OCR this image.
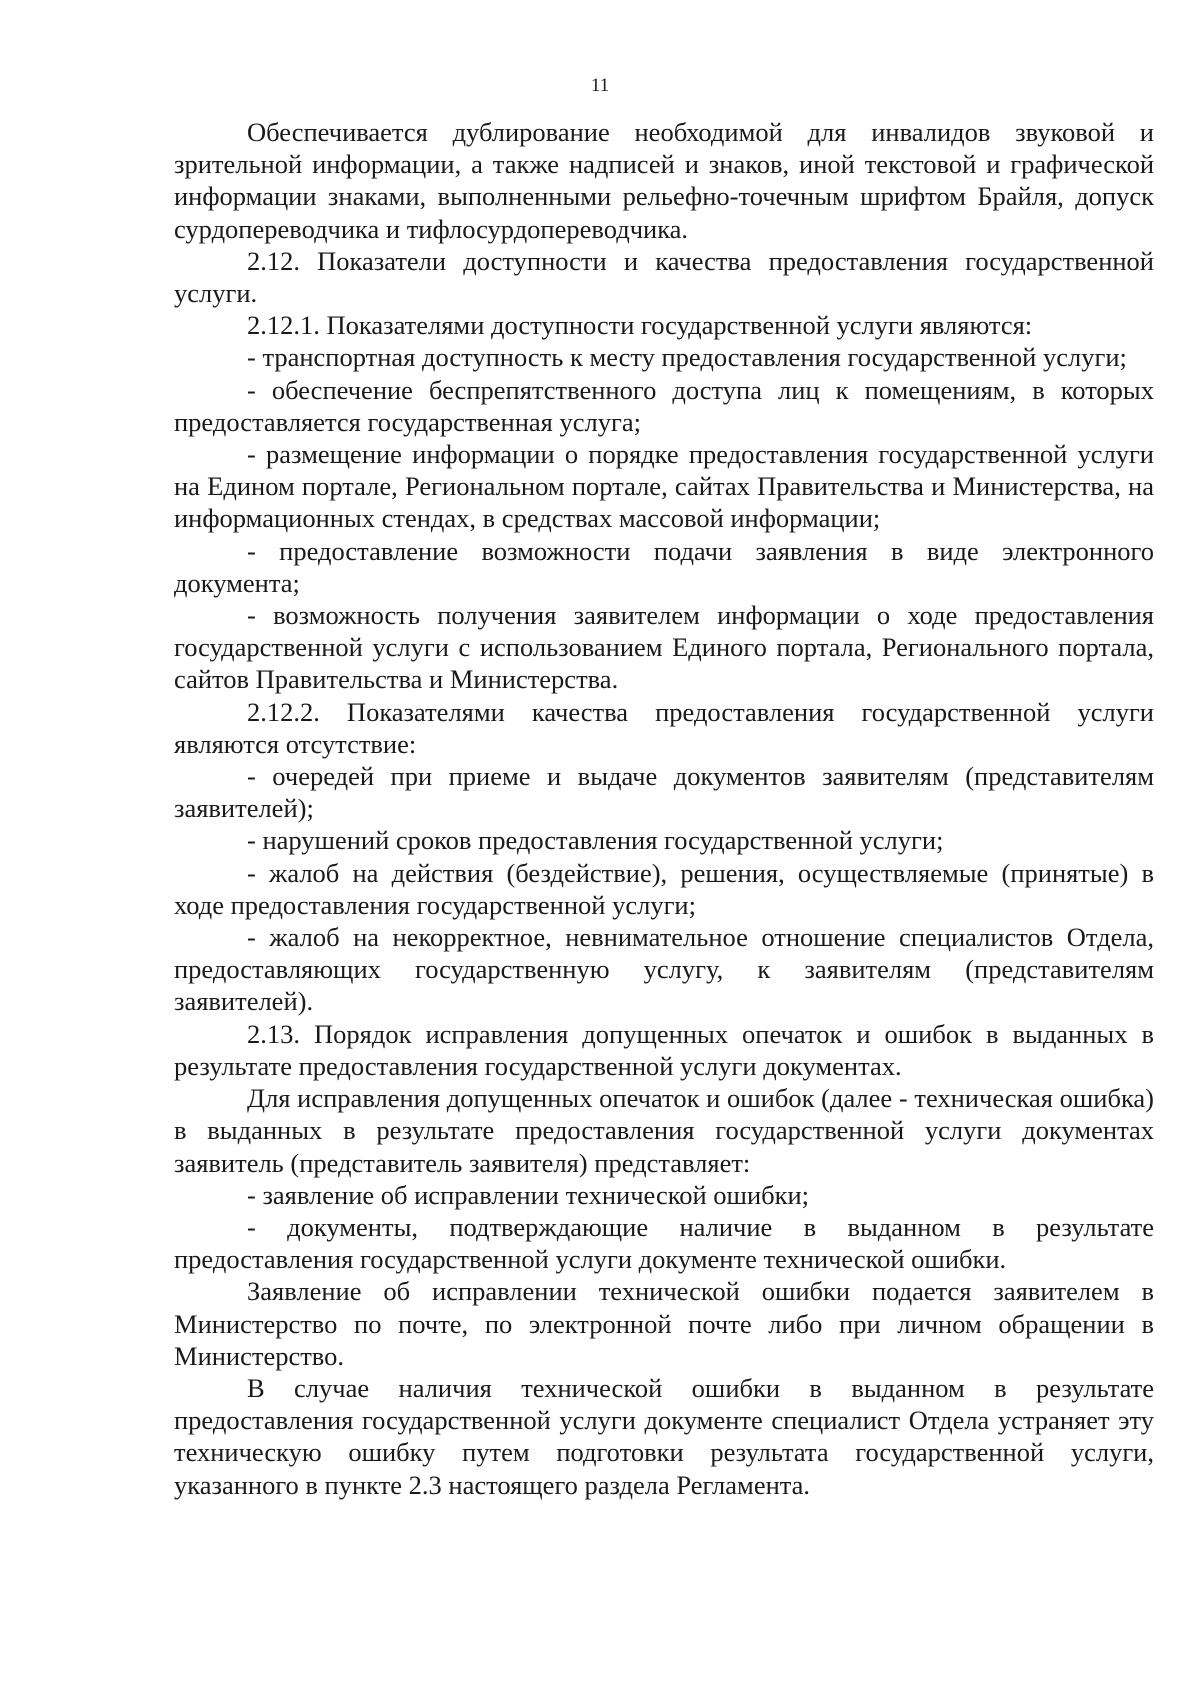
11

Обеспечивается дублирование необходимой для инвалидов звуковой и зрительной информации, а также надписей и знаков, иной текстовой и графической информации знаками, выполненными рельефно-точечным шрифтом Брайля, допуск сурдопереводчика и тифлосурдопереводчика.

2.12. Показатели доступности и качества предоставления государственной услуги.

2.12.1. Показателями доступности государственной услуги являются:

- транспортная доступность к месту предоставления государственной услуги;

- обеспечение беспрепятственного доступа лиц к помещениям, в которых предоставляется государственная услуга;

- размещение информации о порядке предоставления государственной услуги на Едином портале, Региональном портале, сайтах Правительства и Министерства, на информационных стендах, в средствах массовой информации;

- предоставление возможности подачи заявления в виде электронного документа;

- возможность получения заявителем информации о ходе предоставления государственной услуги с использованием Единого портала, Регионального портала, сайтов Правительства и Министерства.

2.12.2. Показателями качества предоставления государственной услуги являются отсутствие:

- очередей при приеме и выдаче документов заявителям (представителям заявителей);

- нарушений сроков предоставления государственной услуги;

- жалоб на действия (бездействие), решения, осуществляемые (принятые) в ходе предоставления государственной услуги;

- жалоб на некорректное, невнимательное отношение специалистов Отдела, предоставляющих государственную услугу, к заявителям (представителям заявителей).

2.13. Порядок исправления допущенных опечаток и ошибок в выданных в результате предоставления государственной услуги документах.

Для исправления допущенных опечаток и ошибок (далее - техническая ошибка) в выданных в результате предоставления государственной услуги документах заявитель (представитель заявителя) представляет:

- заявление об исправлении технической ошибки;

- документы, подтверждающие наличие в выданном в результате предоставления государственной услуги документе технической ошибки.

Заявление об исправлении технической ошибки подается заявителем в Министерство по почте, по электронной почте либо при личном обращении в Министерство.

В случае наличия технической ошибки в выданном в результате предоставления государственной услуги документе специалист Отдела устраняет эту техническую ошибку путем подготовки результата государственной услуги, указанного в пункте 2.3 настоящего раздела Регламента.
